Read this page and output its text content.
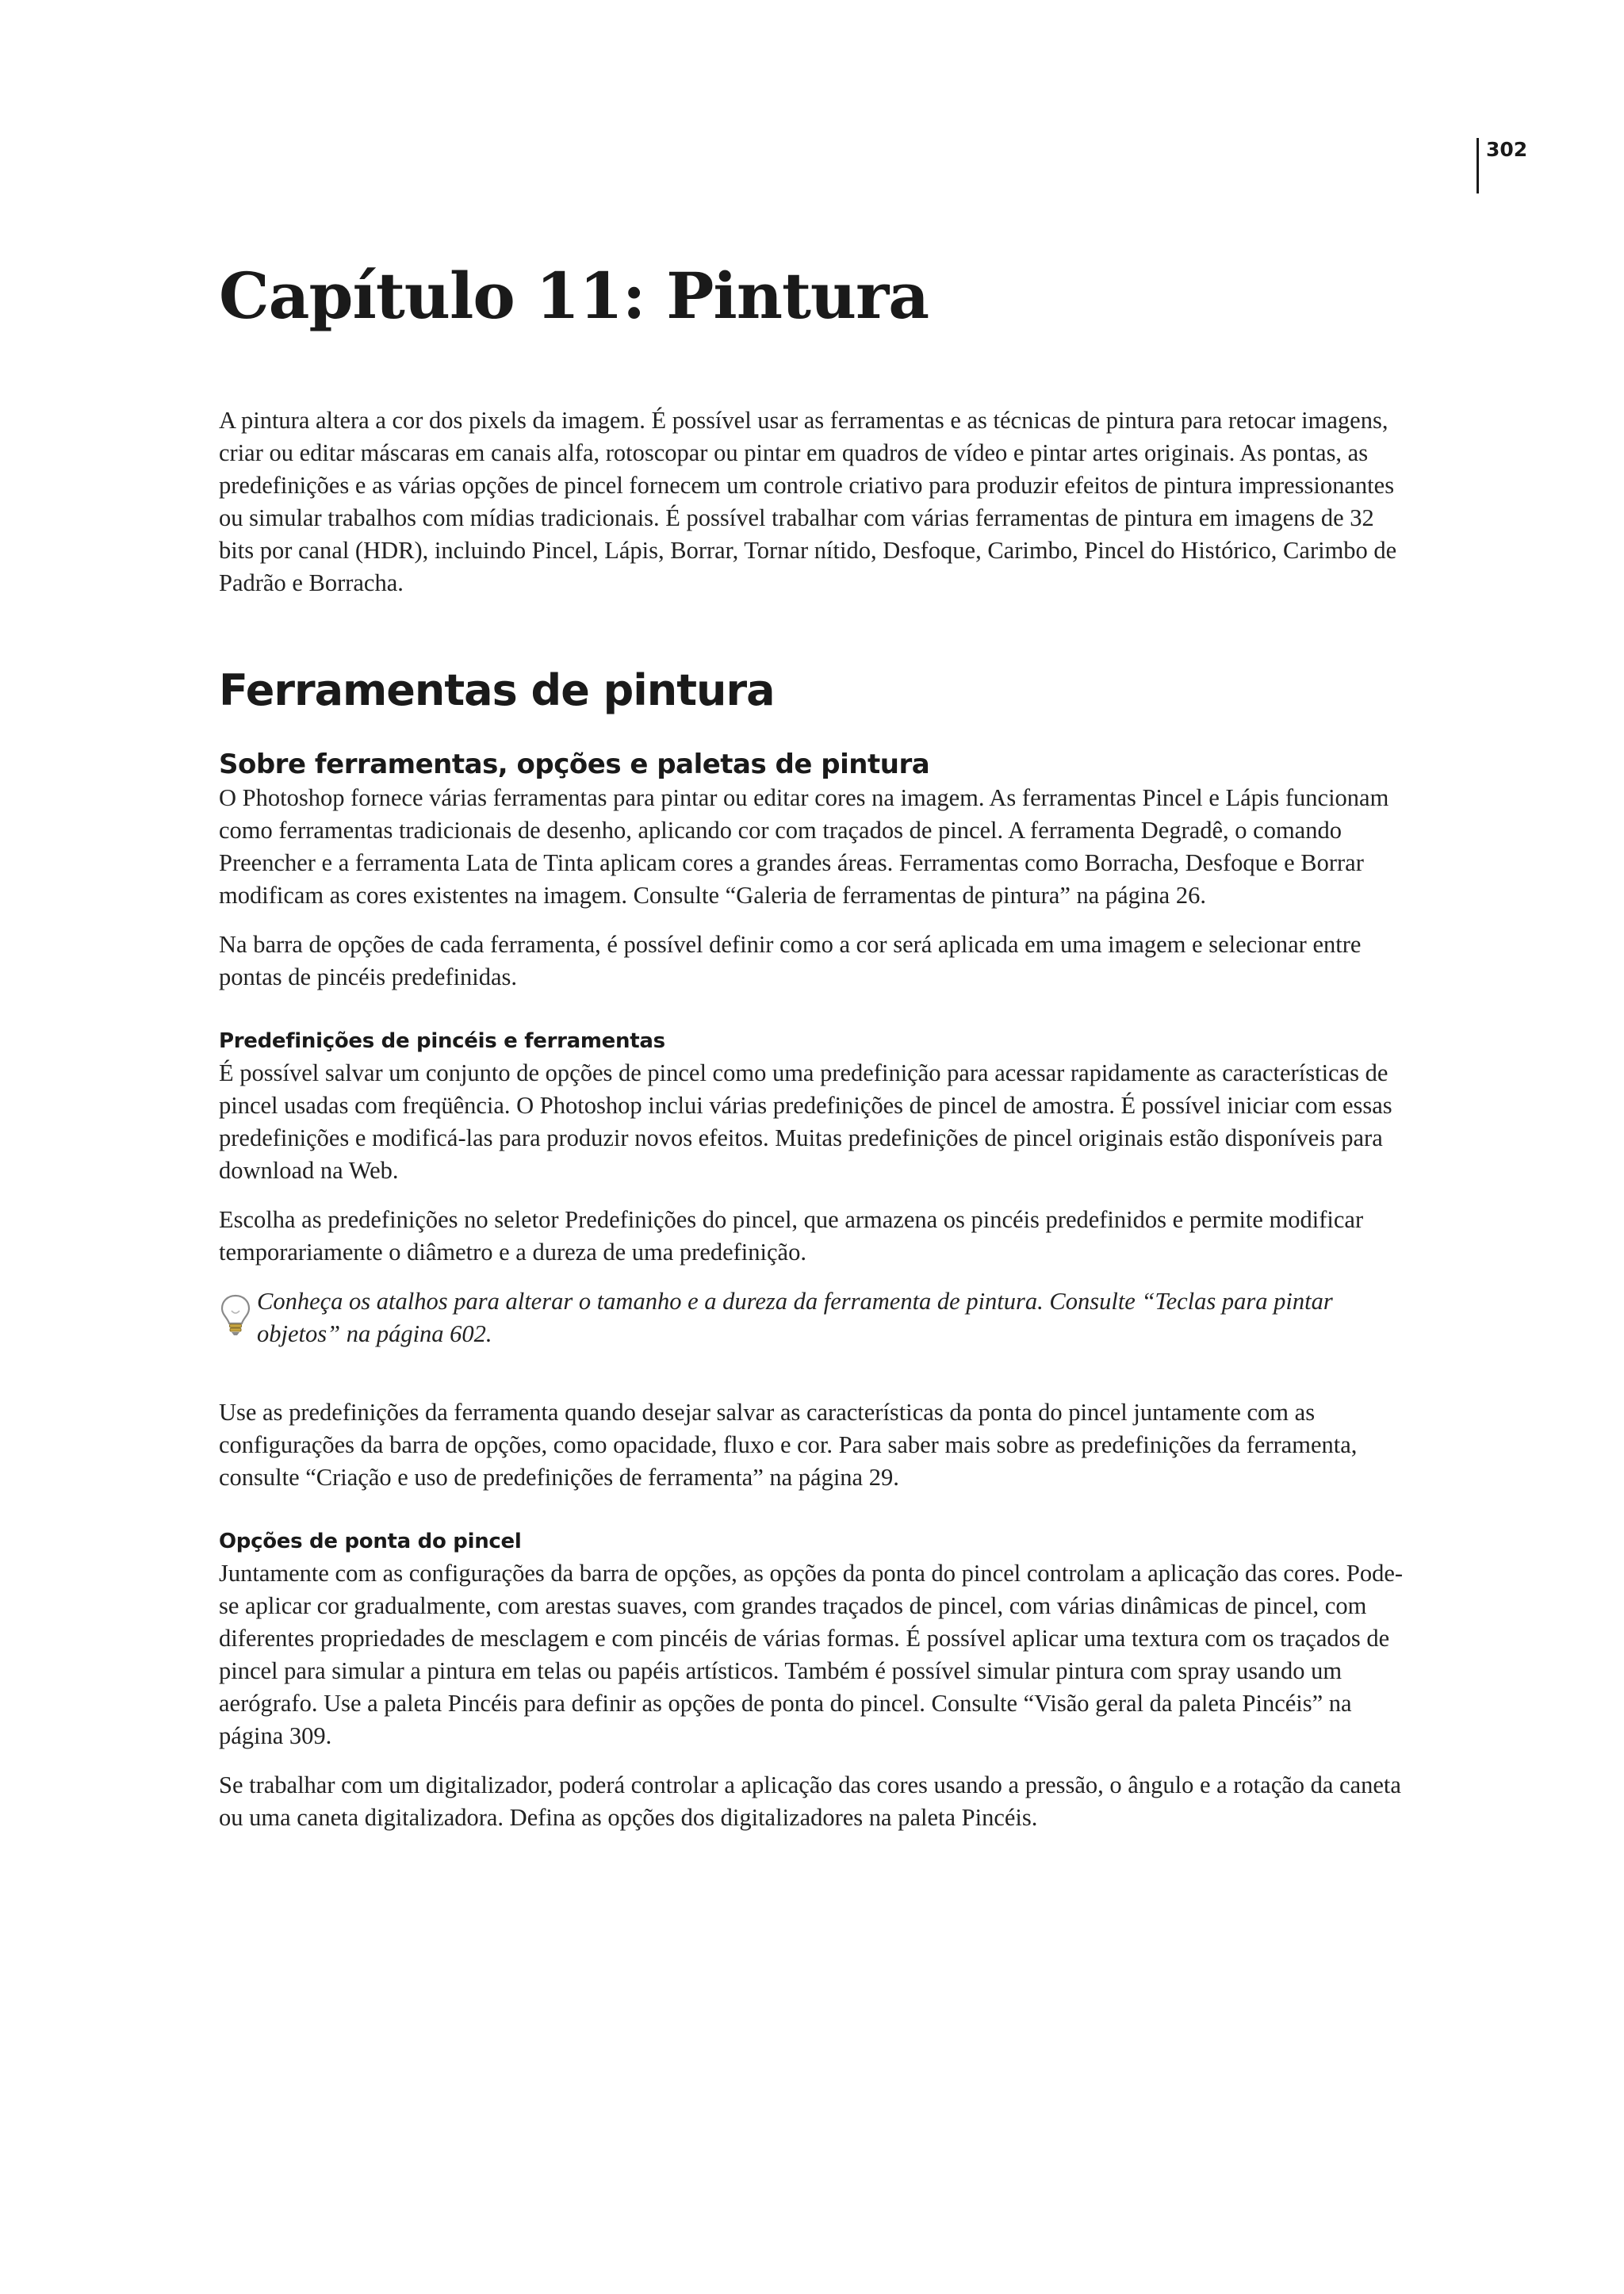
302
Capítulo 11: Pintura

A pintura altera a cor dos pixels da imagem. É possível usar as ferramentas e as técnicas de pintura para retocar imagens, criar ou editar máscaras em canais alfa, rotoscopar ou pintar em quadros de vídeo e pintar artes originais. As pontas, as predefinições e as várias opções de pincel fornecem um controle criativo para produzir efeitos de pintura impressionantes ou simular trabalhos com mídias tradicionais. É possível trabalhar com várias ferramentas de pintura em imagens de 32 bits por canal (HDR), incluindo Pincel, Lápis, Borrar, Tornar nítido, Desfoque, Carimbo, Pincel do Histórico, Carimbo de Padrão e Borracha.

Ferramentas de pintura
Sobre ferramentas, opções e paletas de pintura

O Photoshop fornece várias ferramentas para pintar ou editar cores na imagem. As ferramentas Pincel e Lápis funcionam como ferramentas tradicionais de desenho, aplicando cor com traçados de pincel. A ferramenta Degradê, o comando Preencher e a ferramenta Lata de Tinta aplicam cores a grandes áreas. Ferramentas como Borracha, Desfoque e Borrar modificam as cores existentes na imagem. Consulte “Galeria de ferramentas de pintura” na página 26.

Na barra de opções de cada ferramenta, é possível definir como a cor será aplicada em uma imagem e selecionar entre pontas de pincéis predefinidas.

Predefinições de pincéis e ferramentas

É possível salvar um conjunto de opções de pincel como uma predefinição para acessar rapidamente as características de pincel usadas com freqüência. O Photoshop inclui várias predefinições de pincel de amostra. É possível iniciar com essas predefinições e modificá-las para produzir novos efeitos. Muitas predefinições de pincel originais estão disponíveis para download na Web.

Escolha as predefinições no seletor Predefinições do pincel, que armazena os pincéis predefinidos e permite modificar temporariamente o diâmetro e a dureza de uma predefinição.

Conheça os atalhos para alterar o tamanho e a dureza da ferramenta de pintura. Consulte “Teclas para pintar objetos” na página 602.

Use as predefinições da ferramenta quando desejar salvar as características da ponta do pincel juntamente com as configurações da barra de opções, como opacidade, fluxo e cor. Para saber mais sobre as predefinições da ferramenta, consulte “Criação e uso de predefinições de ferramenta” na página 29.

Opções de ponta do pincel

Juntamente com as configurações da barra de opções, as opções da ponta do pincel controlam a aplicação das cores. Pode-se aplicar cor gradualmente, com arestas suaves, com grandes traçados de pincel, com várias dinâmicas de pincel, com diferentes propriedades de mesclagem e com pincéis de várias formas. É possível aplicar uma textura com os traçados de pincel para simular a pintura em telas ou papéis artísticos. Também é possível simular pintura com spray usando um aerógrafo. Use a paleta Pincéis para definir as opções de ponta do pincel. Consulte “Visão geral da paleta Pincéis” na página 309.

Se trabalhar com um digitalizador, poderá controlar a aplicação das cores usando a pressão, o ângulo e a rotação da caneta ou uma caneta digitalizadora. Defina as opções dos digitalizadores na paleta Pincéis.
